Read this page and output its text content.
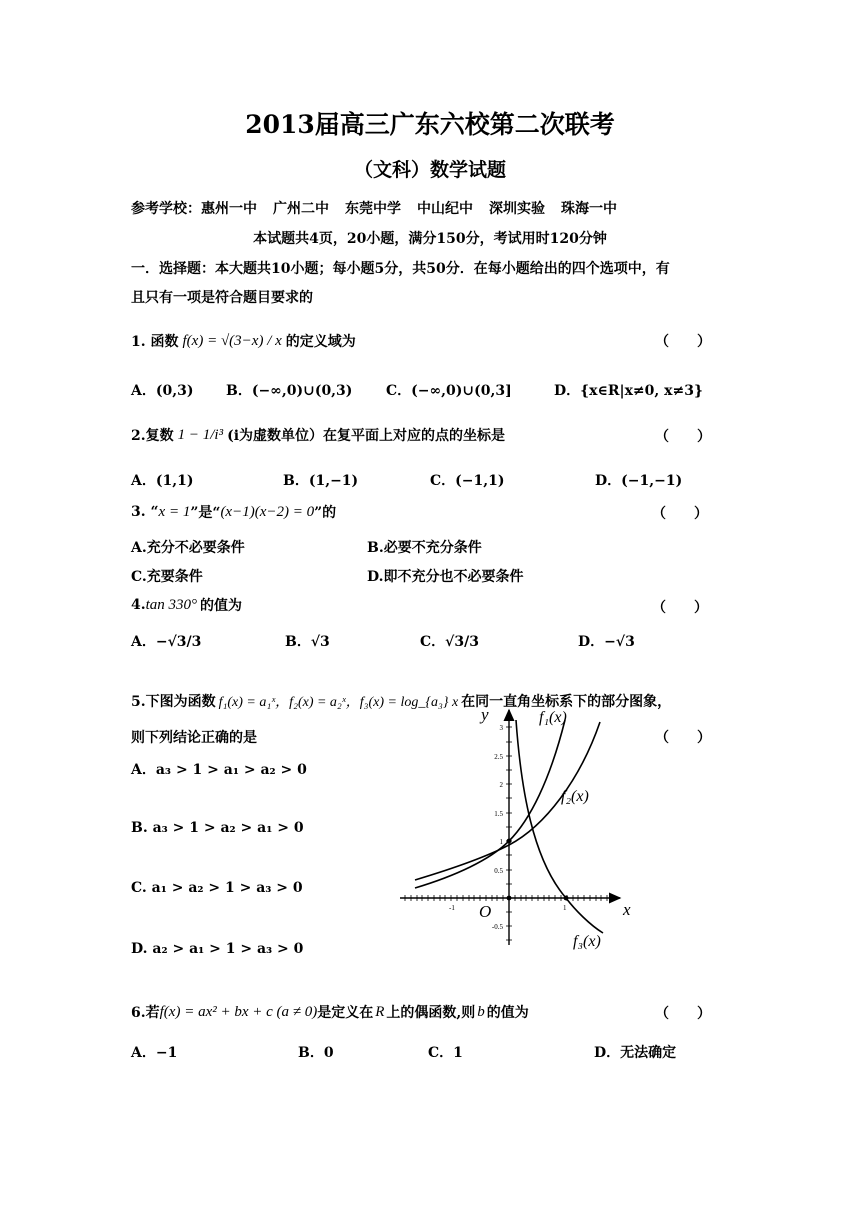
2013届高三广东六校第二次联考
（文科）数学试题
参考学校：惠州一中 广州二中 东莞中学 中山纪中 深圳实验 珠海一中
本试题共4页，20小题，满分150分，考试用时120分钟
一．选择题：本大题共10小题；每小题5分，共50分．在每小题给出的四个选项中，有
且只有一项是符合题目要求的
1. 函数 f(x) = √(3−x) / x 的定义域为	（　　）
A．(0,3) B．(−∞,0)∪(0,3) C．(−∞,0)∪(0,3]	D．{x∈R|x≠0, x≠3}
2.复数 1 − 1/i³ (i为虚数单位）在复平面上对应的点的坐标是	（　　）
A．(1,1)	B．(1,−1)	C．(−1,1)	D．(−1,−1)
3. “ x = 1 ”是“ (x−1)(x−2) = 0 ”的	（　　）
A.充分不必要条件	B.必要不充分条件
C.充要条件	D.即不充分也不必要条件
4. tan 330° 的值为	（　　）
A．−√3/3	B．√3	C．√3/3	D．−√3
5.下图为函数 f₁(x) = a₁ˣ，f₂(x) = a₂ˣ，f₃(x) = log_{a₃} x 在同一直角坐标系下的部分图象，
则下列结论正确的是	（　　）
A．a₃ > 1 > a₁ > a₂ > 0
B. a₃ > 1 > a₂ > a₁ > 0
C. a₁ > a₂ > 1 > a₃ > 0
D. a₂ > a₁ > 1 > a₃ > 0
3
2.5
2
1.5
1
0.5
-0.5
-1	1
y
x
O
f₁(x)
f₂(x)
f₃(x)
6.若 f(x) = ax² + bx + c (a ≠ 0) 是定义在 R 上的偶函数,则 b 的值为	（　　）
A．−1	B．0	C．1	D．无法确定
